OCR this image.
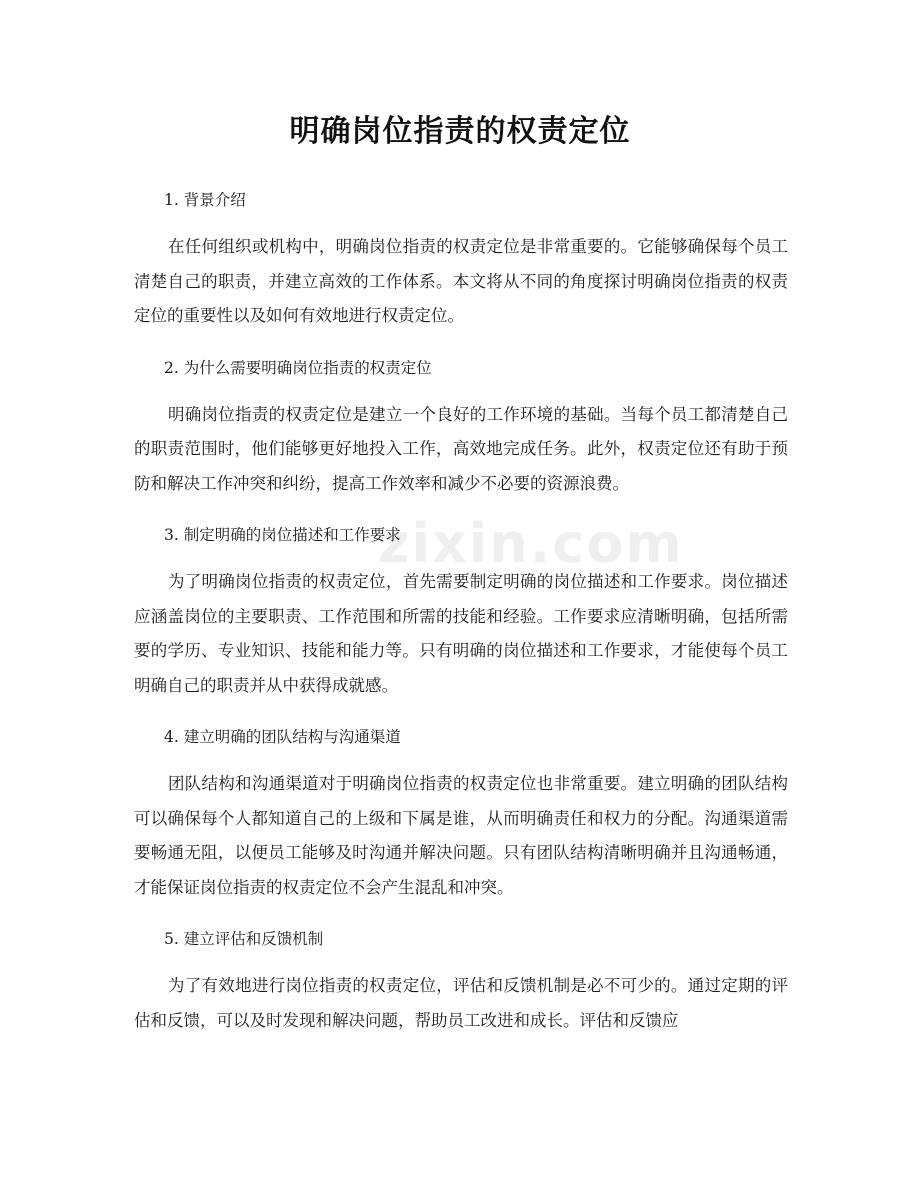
明确岗位指责的权责定位
zixin.com

1. 背景介绍

在任何组织或机构中，明确岗位指责的权责定位是非常重要的。它能够确保每个员工清楚自己的职责，并建立高效的工作体系。本文将从不同的角度探讨明确岗位指责的权责定位的重要性以及如何有效地进行权责定位。

2. 为什么需要明确岗位指责的权责定位

明确岗位指责的权责定位是建立一个良好的工作环境的基础。当每个员工都清楚自己的职责范围时，他们能够更好地投入工作，高效地完成任务。此外，权责定位还有助于预防和解决工作冲突和纠纷，提高工作效率和减少不必要的资源浪费。

3. 制定明确的岗位描述和工作要求

为了明确岗位指责的权责定位，首先需要制定明确的岗位描述和工作要求。岗位描述应涵盖岗位的主要职责、工作范围和所需的技能和经验。工作要求应清晰明确，包括所需要的学历、专业知识、技能和能力等。只有明确的岗位描述和工作要求，才能使每个员工明确自己的职责并从中获得成就感。

4. 建立明确的团队结构与沟通渠道

团队结构和沟通渠道对于明确岗位指责的权责定位也非常重要。建立明确的团队结构可以确保每个人都知道自己的上级和下属是谁，从而明确责任和权力的分配。沟通渠道需要畅通无阻，以便员工能够及时沟通并解决问题。只有团队结构清晰明确并且沟通畅通，才能保证岗位指责的权责定位不会产生混乱和冲突。

5. 建立评估和反馈机制

为了有效地进行岗位指责的权责定位，评估和反馈机制是必不可少的。通过定期的评估和反馈，可以及时发现和解决问题，帮助员工改进和成长。评估和反馈应
